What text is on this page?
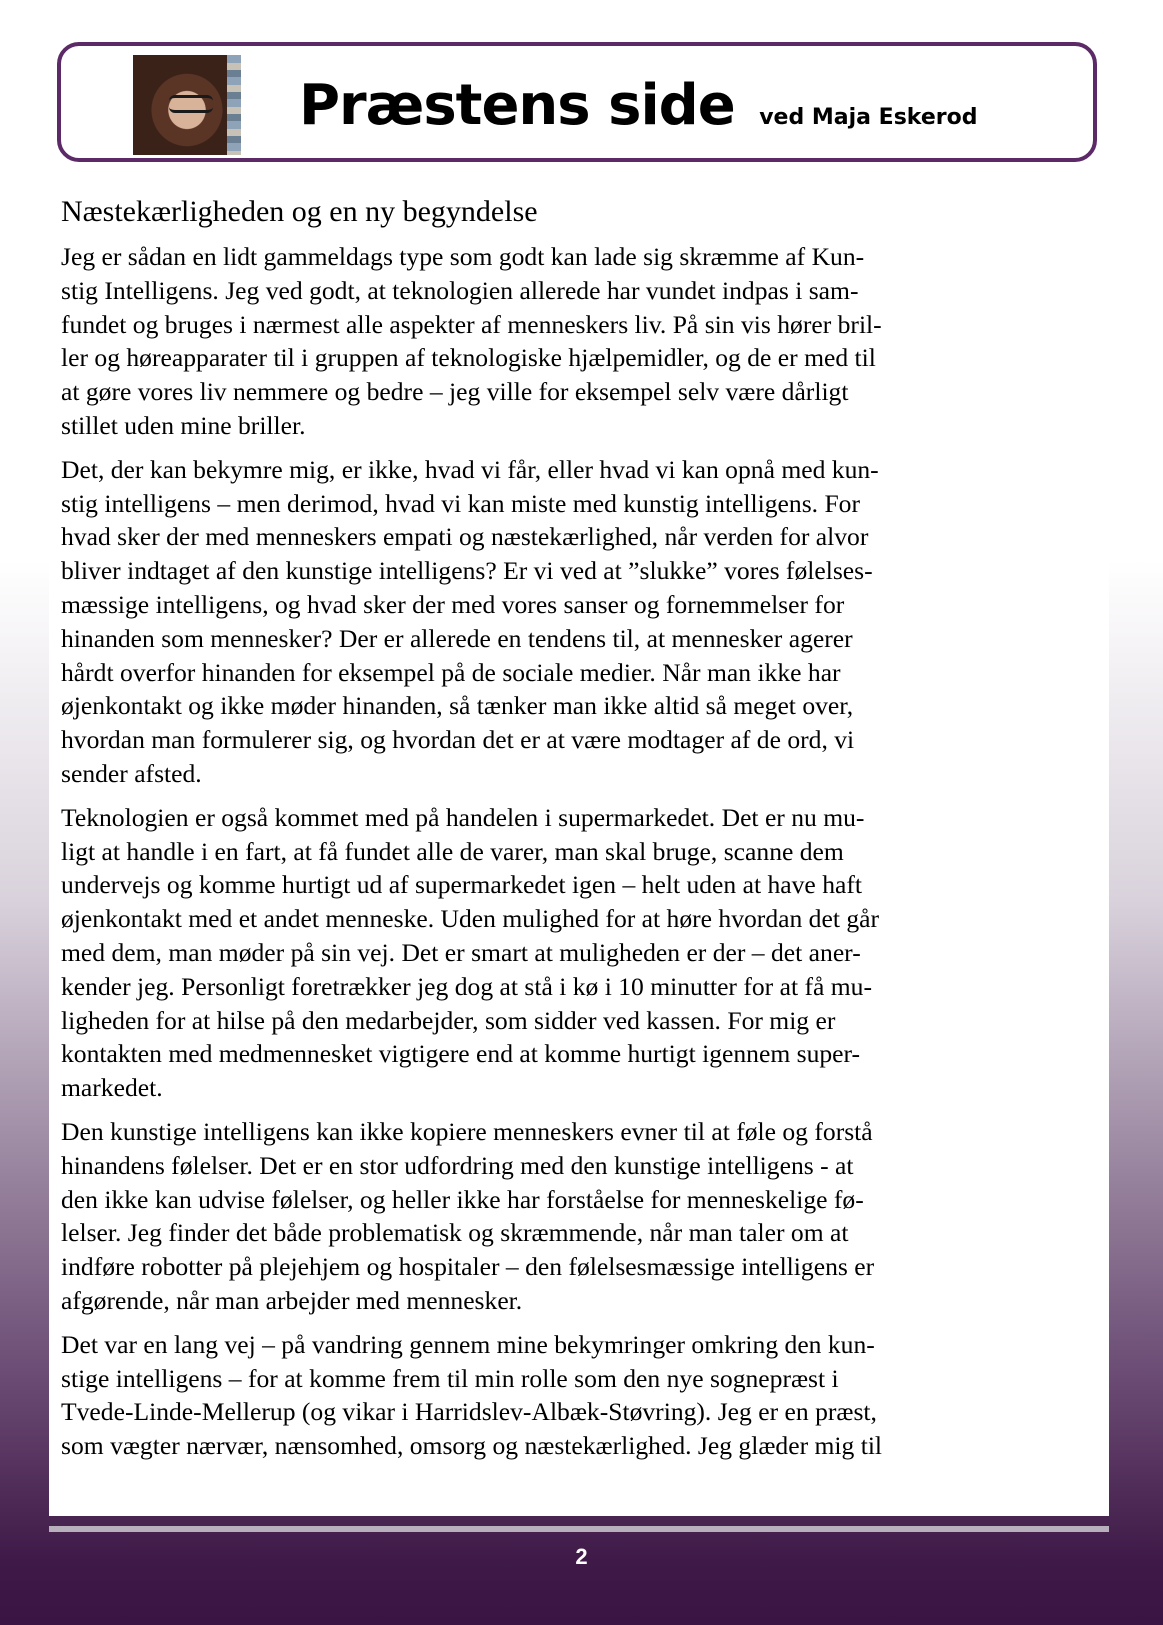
Præstens side ved Maja Eskerod
Næstekærligheden og en ny begyndelse

Jeg er sådan en lidt gammeldags type som godt kan lade sig skræmme af Kun-
stig Intelligens. Jeg ved godt, at teknologien allerede har vundet indpas i sam-
fundet og bruges i nærmest alle aspekter af menneskers liv. På sin vis hører bril-
ler og høreapparater til i gruppen af teknologiske hjælpemidler, og de er med til
at gøre vores liv nemmere og bedre – jeg ville for eksempel selv være dårligt
stillet uden mine briller.

Det, der kan bekymre mig, er ikke, hvad vi får, eller hvad vi kan opnå med kun-
stig intelligens – men derimod, hvad vi kan miste med kunstig intelligens. For
hvad sker der med menneskers empati og næstekærlighed, når verden for alvor
bliver indtaget af den kunstige intelligens? Er vi ved at ”slukke” vores følelses-
mæssige intelligens, og hvad sker der med vores sanser og fornemmelser for
hinanden som mennesker? Der er allerede en tendens til, at mennesker agerer
hårdt overfor hinanden for eksempel på de sociale medier. Når man ikke har
øjenkontakt og ikke møder hinanden, så tænker man ikke altid så meget over,
hvordan man formulerer sig, og hvordan det er at være modtager af de ord, vi
sender afsted.

Teknologien er også kommet med på handelen i supermarkedet. Det er nu mu-
ligt at handle i en fart, at få fundet alle de varer, man skal bruge, scanne dem
undervejs og komme hurtigt ud af supermarkedet igen – helt uden at have haft
øjenkontakt med et andet menneske. Uden mulighed for at høre hvordan det går
med dem, man møder på sin vej. Det er smart at muligheden er der – det aner-
kender jeg. Personligt foretrækker jeg dog at stå i kø i 10 minutter for at få mu-
ligheden for at hilse på den medarbejder, som sidder ved kassen. For mig er
kontakten med medmennesket vigtigere end at komme hurtigt igennem super-
markedet.

Den kunstige intelligens kan ikke kopiere menneskers evner til at føle og forstå
hinandens følelser. Det er en stor udfordring med den kunstige intelligens - at
den ikke kan udvise følelser, og heller ikke har forståelse for menneskelige fø-
lelser. Jeg finder det både problematisk og skræmmende, når man taler om at
indføre robotter på plejehjem og hospitaler – den følelsesmæssige intelligens er
afgørende, når man arbejder med mennesker.

Det var en lang vej – på vandring gennem mine bekymringer omkring den kun-
stige intelligens – for at komme frem til min rolle som den nye sognepræst i
Tvede-Linde-Mellerup (og vikar i Harridslev-Albæk-Støvring). Jeg er en præst,
som vægter nærvær, nænsomhed, omsorg og næstekærlighed. Jeg glæder mig til

2
